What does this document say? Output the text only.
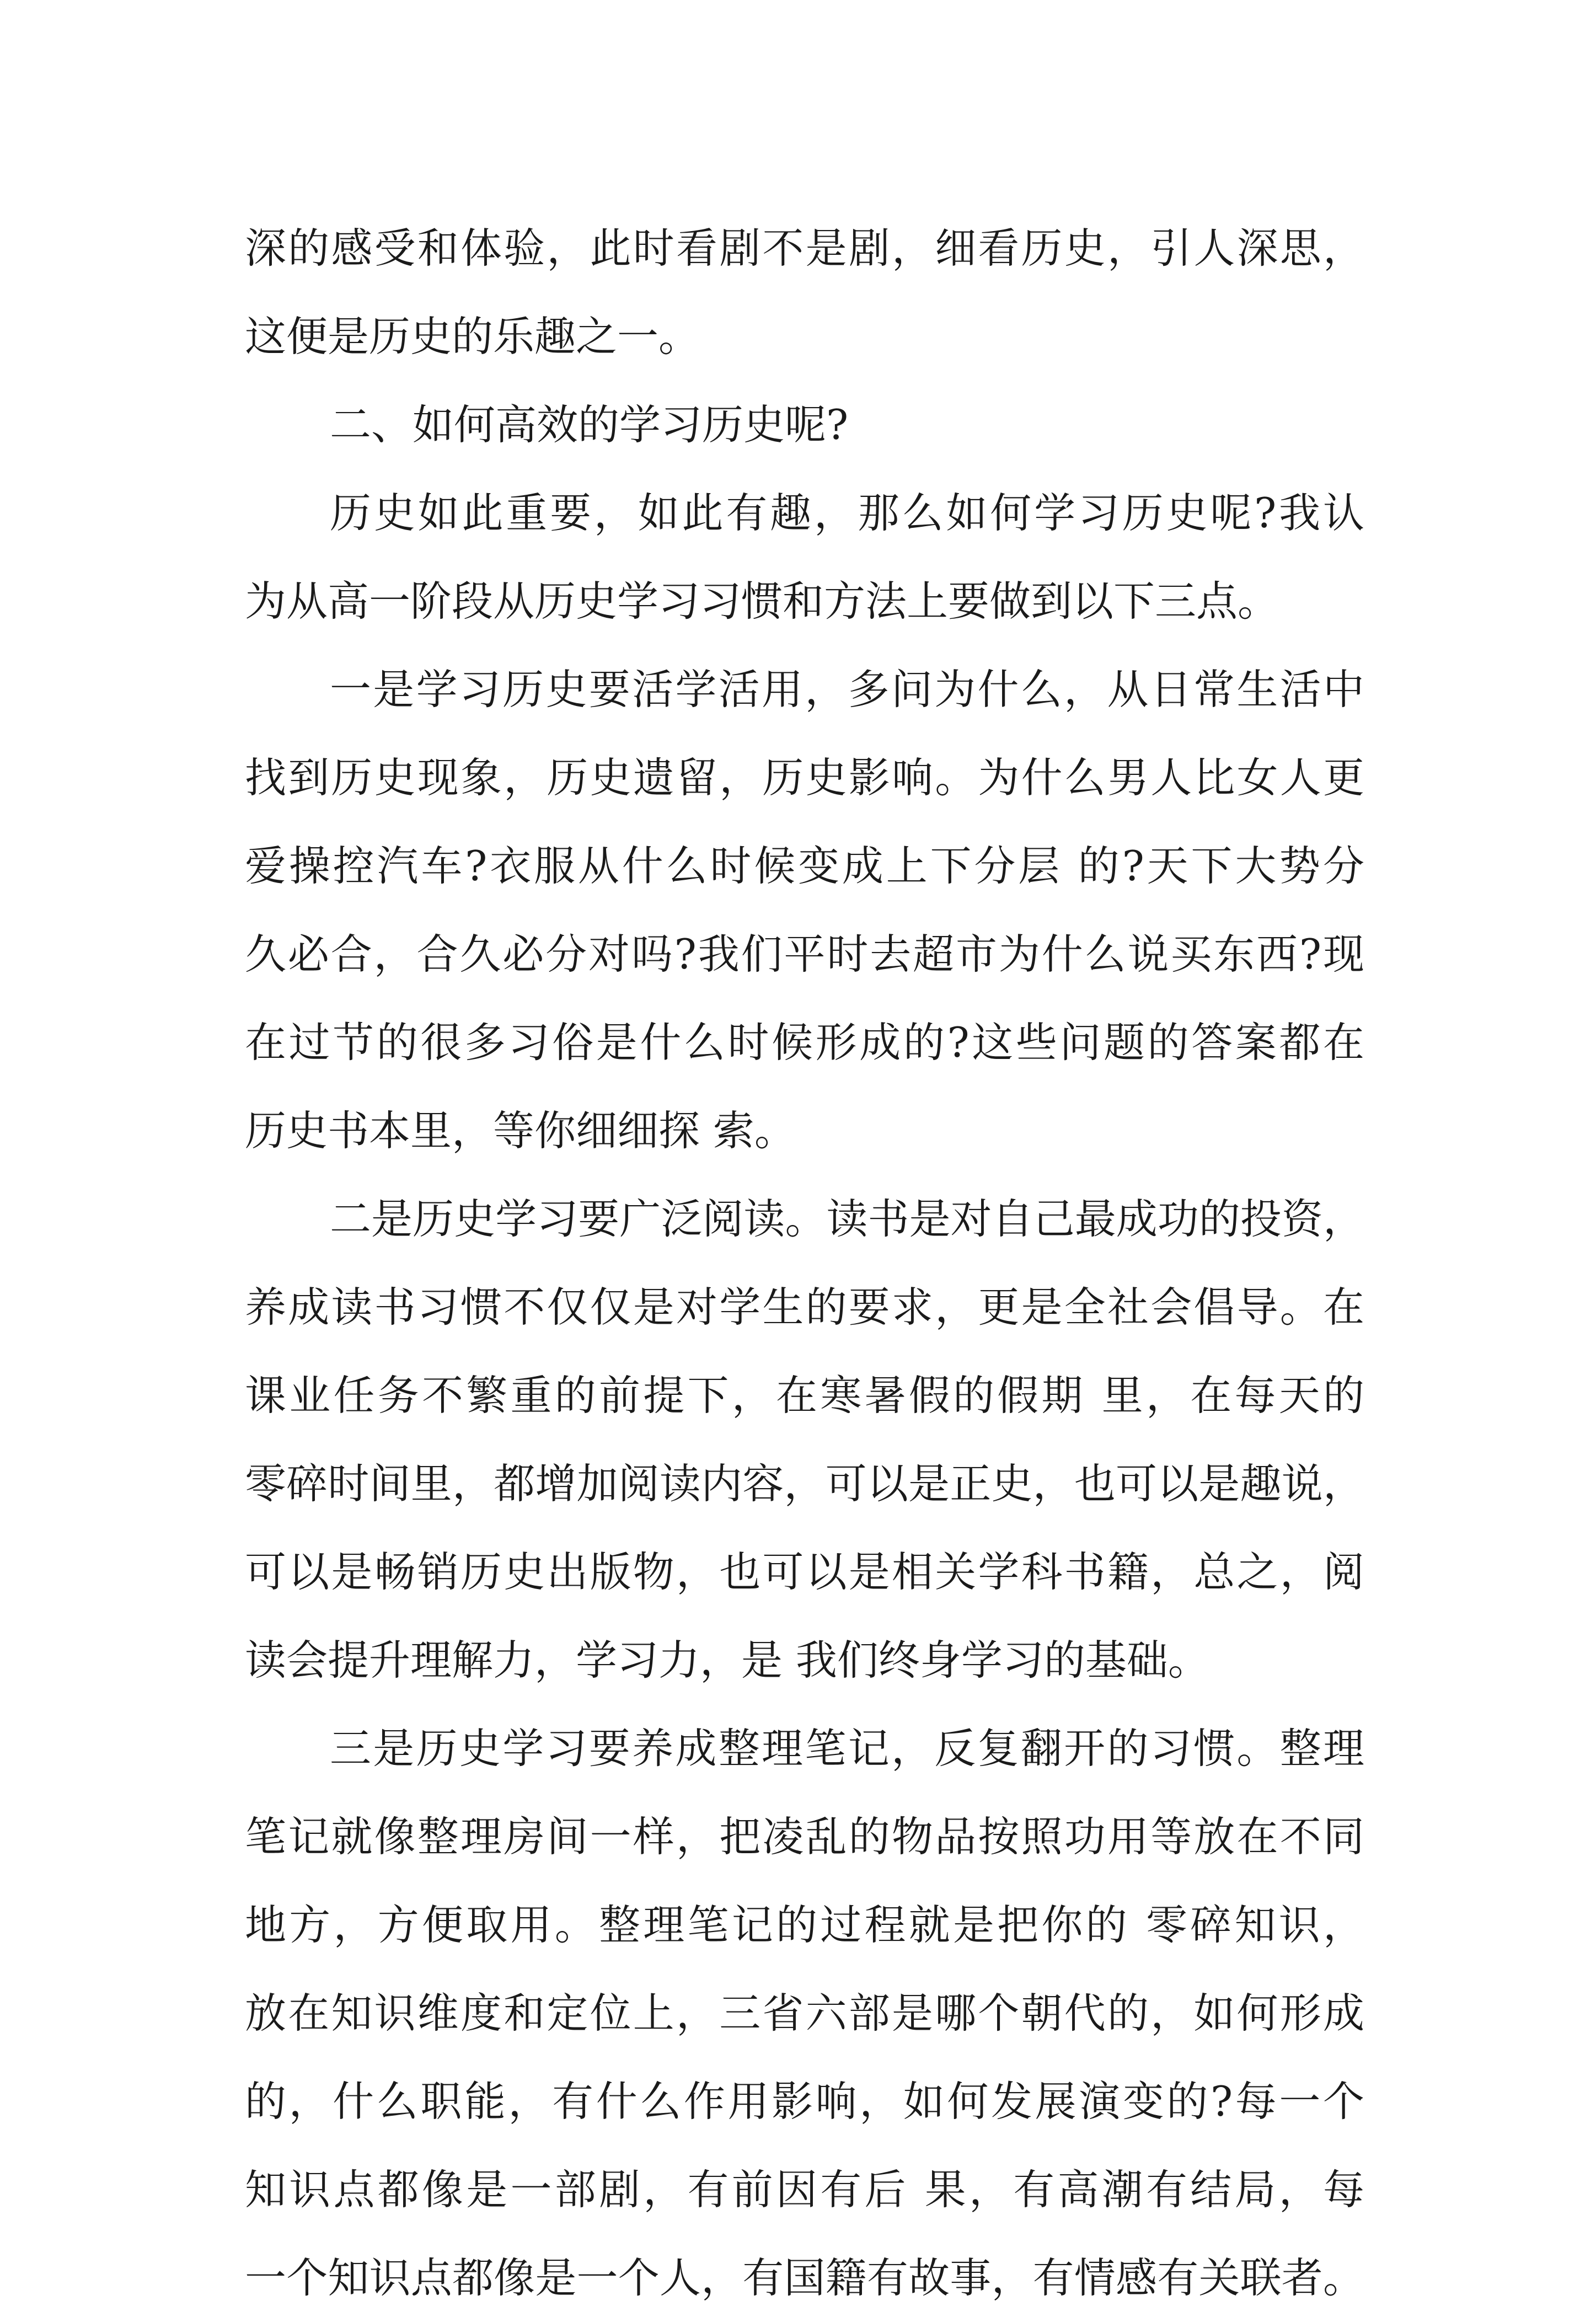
深的感受和体验，此时看剧不是剧，细看历史，引人深思，
这便是历史的乐趣之一。
二、如何高效的学习历史呢?
历史如此重要，如此有趣，那么如何学习历史呢?我认
为从高一阶段从历史学习习惯和方法上要做到以下三点。
一是学习历史要活学活用，多问为什么，从日常生活中
找到历史现象，历史遗留，历史影响。为什么男人比女人更
爱操控汽车?衣服从什么时候变成上下分层 的?天下大势分
久必合，合久必分对吗?我们平时去超市为什么说买东西?现
在过节的很多习俗是什么时候形成的?这些问题的答案都在
历史书本里，等你细细探 索。
二是历史学习要广泛阅读。读书是对自己最成功的投资，
养成读书习惯不仅仅是对学生的要求，更是全社会倡导。在
课业任务不繁重的前提下，在寒暑假的假期 里，在每天的
零碎时间里，都增加阅读内容，可以是正史，也可以是趣说，
可以是畅销历史出版物，也可以是相关学科书籍，总之，阅
读会提升理解力，学习力，是 我们终身学习的基础。
三是历史学习要养成整理笔记，反复翻开的习惯。整理
笔记就像整理房间一样，把凌乱的物品按照功用等放在不同
地方，方便取用。整理笔记的过程就是把你的 零碎知识，
放在知识维度和定位上，三省六部是哪个朝代的，如何形成
的，什么职能，有什么作用影响，如何发展演变的?每一个
知识点都像是一部剧，有前因有后 果，有高潮有结局，每
一个知识点都像是一个人，有国籍有故事，有情感有关联者。
